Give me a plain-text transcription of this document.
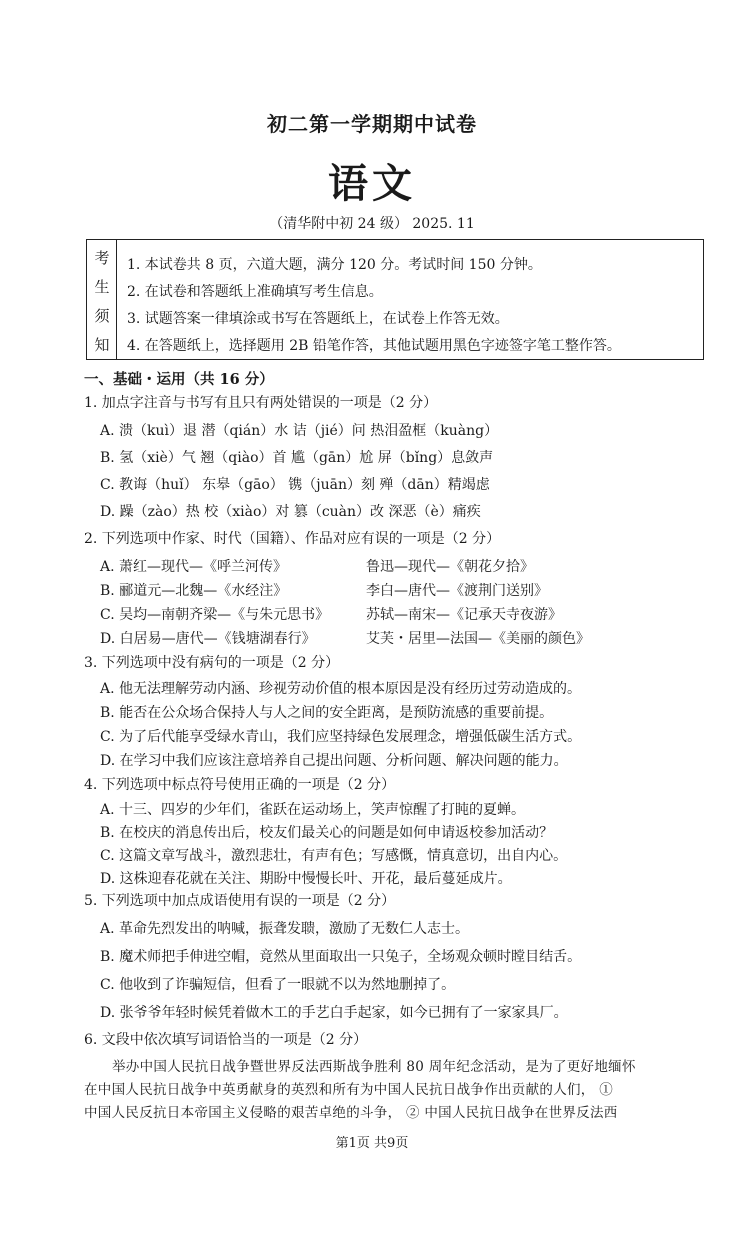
初二第一学期期中试卷
语文
（清华附中初 24 级） 2025. 11
考
生
须
知
1. 本试卷共 8 页，六道大题，满分 120 分。考试时间 150 分钟。
2. 在试卷和答题纸上准确填写考生信息。
3. 试题答案一律填涂或书写在答题纸上，在试卷上作答无效。
4. 在答题纸上，选择题用 2B 铅笔作答，其他试题用黑色字迹签字笔工整作答。
一、基础・运用（共 16 分）
1. 加点字注音与书写有且只有两处错误的一项是（2 分）
A. 溃（kuì）退 潜（qián）水 诘（jié）问 热泪盈框（kuàng）
B. 氢（xiè）气 翘（qiào）首 尴（gān）尬 屏（bǐng）息敛声
C. 教诲（huǐ） 东皋（gāo） 镌（juān）刻 殚（dān）精竭虑
D. 躁（zào）热 校（xiào）对 篡（cuàn）改 深恶（è）痛疾
2. 下列选项中作家、时代（国籍）、作品对应有误的一项是（2 分）
A. 萧红—现代—《呼兰河传》
B. 郦道元—北魏—《水经注》
C. 吴均—南朝齐梁—《与朱元思书》
D. 白居易—唐代—《钱塘湖春行》
鲁迅—现代—《朝花夕拾》
李白—唐代—《渡荆门送别》
苏轼—南宋—《记承天寺夜游》
艾芙・居里—法国—《美丽的颜色》
3. 下列选项中没有病句的一项是（2 分）
A. 他无法理解劳动内涵、珍视劳动价值的根本原因是没有经历过劳动造成的。
B. 能否在公众场合保持人与人之间的安全距离，是预防流感的重要前提。
C. 为了后代能享受绿水青山，我们应坚持绿色发展理念，增强低碳生活方式。
D. 在学习中我们应该注意培养自己提出问题、分析问题、解决问题的能力。
4. 下列选项中标点符号使用正确的一项是（2 分）
A. 十三、四岁的少年们，雀跃在运动场上，笑声惊醒了打盹的夏蝉。
B. 在校庆的消息传出后，校友们最关心的问题是如何申请返校参加活动？
C. 这篇文章写战斗，激烈悲壮，有声有色；写感慨，情真意切，出自内心。
D. 这株迎春花就在关注、期盼中慢慢长叶、开花，最后蔓延成片。
5. 下列选项中加点成语使用有误的一项是（2 分）
A. 革命先烈发出的呐喊，振聋发聩，激励了无数仁人志士。
B. 魔术师把手伸进空帽，竟然从里面取出一只兔子，全场观众顿时瞠目结舌。
C. 他收到了诈骗短信，但看了一眼就不以为然地删掉了。
D. 张爷爷年轻时候凭着做木工的手艺白手起家，如今已拥有了一家家具厂。
6. 文段中依次填写词语恰当的一项是（2 分）
举办中国人民抗日战争暨世界反法西斯战争胜利 80 周年纪念活动，是为了更好地缅怀
在中国人民抗日战争中英勇献身的英烈和所有为中国人民抗日战争作出贡献的人们， ①
中国人民反抗日本帝国主义侵略的艰苦卓绝的斗争， ② 中国人民抗日战争在世界反法西
第1页 共9页
